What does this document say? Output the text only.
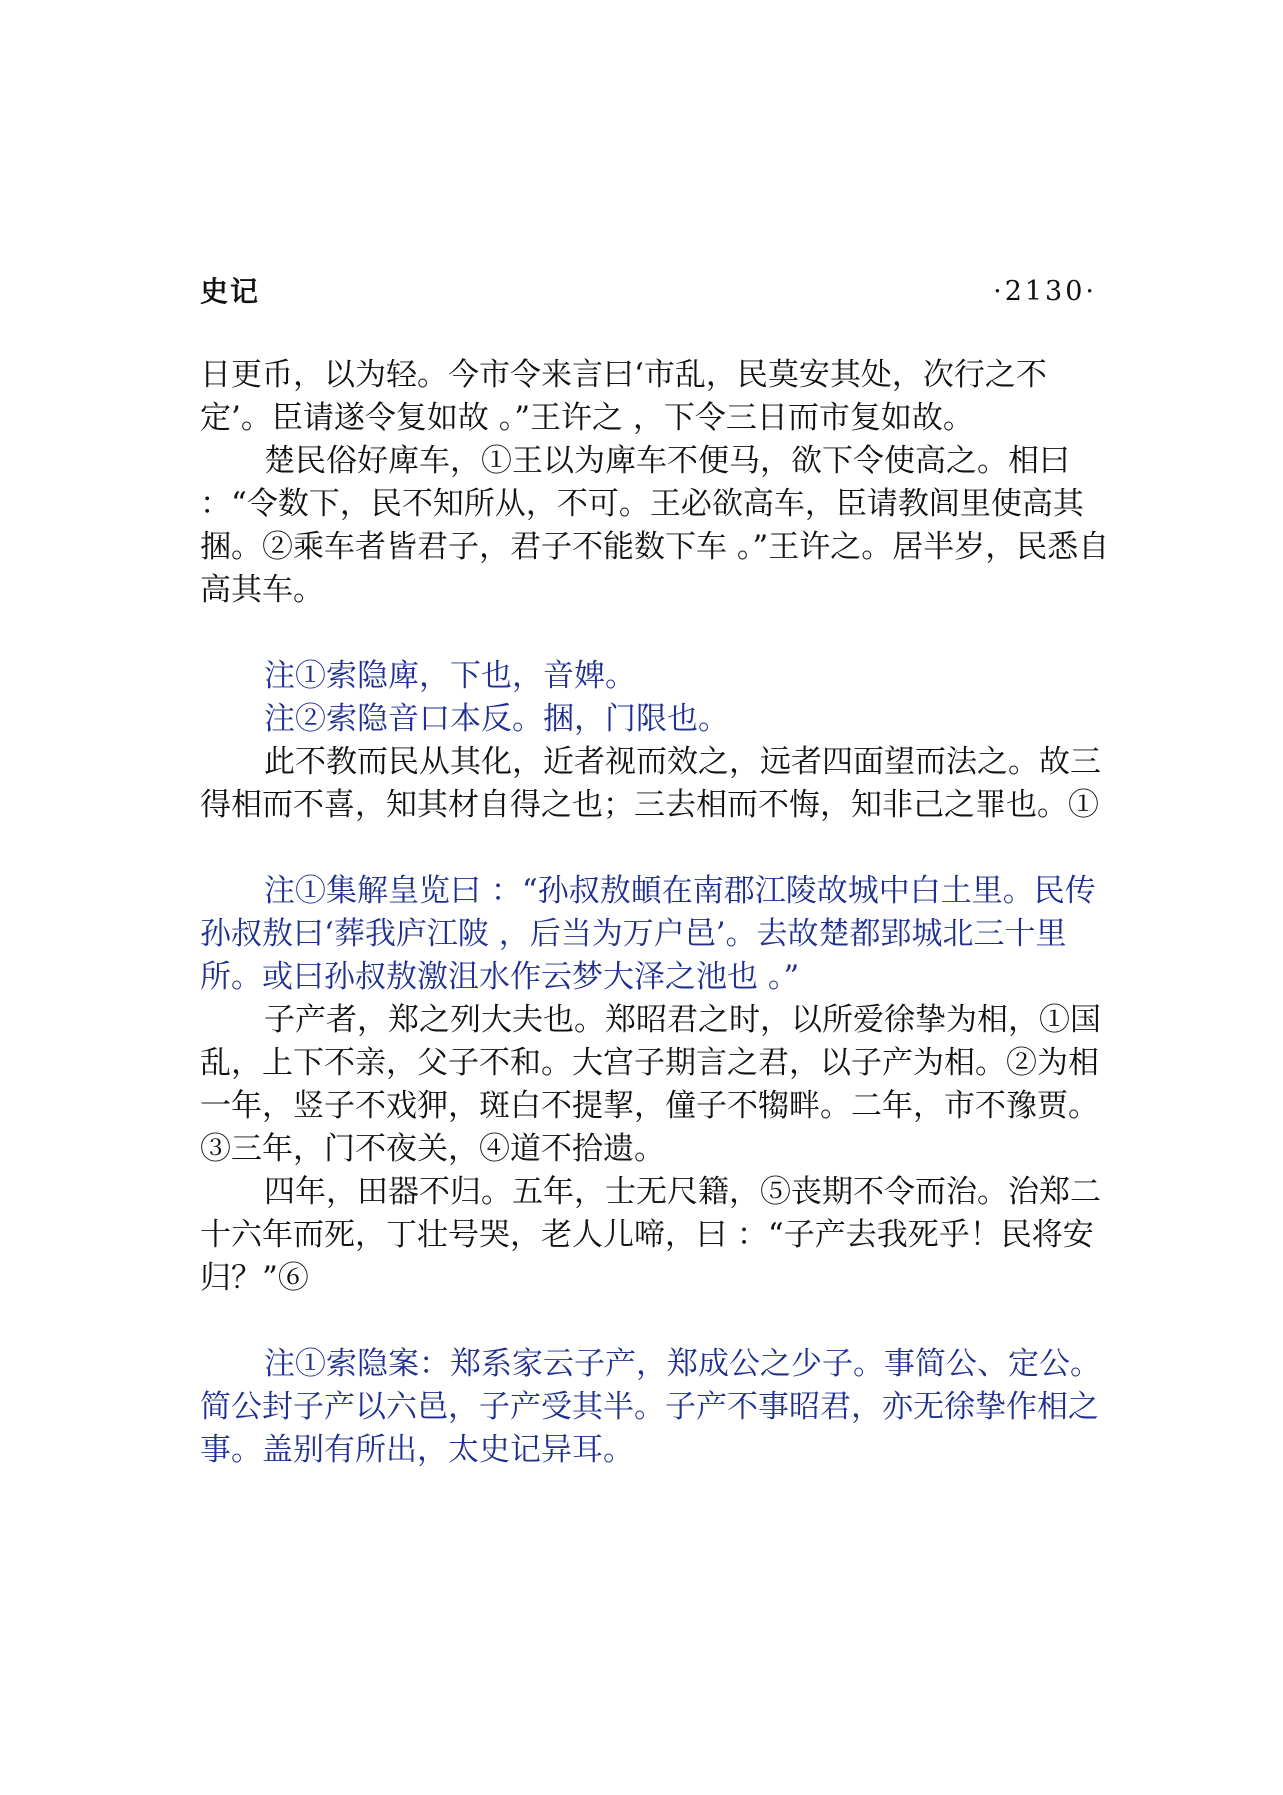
史记	·2130·

日更币，以为轻。今市令来言曰‘市乱，民莫安其处，次行之不定’。臣请遂令复如故 。”王许之 ，下令三日而市复如故。

楚民俗好庳车，①王以为庳车不便马，欲下令使高之。相曰 ：“令数下，民不知所从，不可。王必欲高车，臣请教闾里使高其捆。②乘车者皆君子，君子不能数下车 。”王许之。居半岁，民悉自高其车。

注①索隐庳，下也，音婢。

注②索隐音口本反。捆，门限也。

此不教而民从其化，近者视而效之，远者四面望而法之。故三得相而不喜，知其材自得之也；三去相而不悔，知非己之罪也。①

注①集解皇览曰 ：“孙叔敖頔在南郡江陵故城中白土里。民传孙叔敖曰‘葬我庐江陂 ，后当为万户邑’。去故楚都郢城北三十里所。或曰孙叔敖激沮水作云梦大泽之池也 。”

子产者，郑之列大夫也。郑昭君之时，以所爱徐挚为相，①国乱，上下不亲，父子不和。大宫子期言之君，以子产为相。②为相一年，竖子不戏狎，斑白不提挈，僮子不犓畔。二年，市不豫贾。③三年，门不夜关，④道不拾遗。

四年，田器不归。五年，士无尺籍，⑤丧期不令而治。治郑二十六年而死，丁壮号哭，老人儿啼，曰 ：“子产去我死乎！民将安归？”⑥

注①索隐案：郑系家云子产，郑成公之少子。事简公、定公。简公封子产以六邑，子产受其半。子产不事昭君，亦无徐挚作相之事。盖别有所出，太史记异耳。
